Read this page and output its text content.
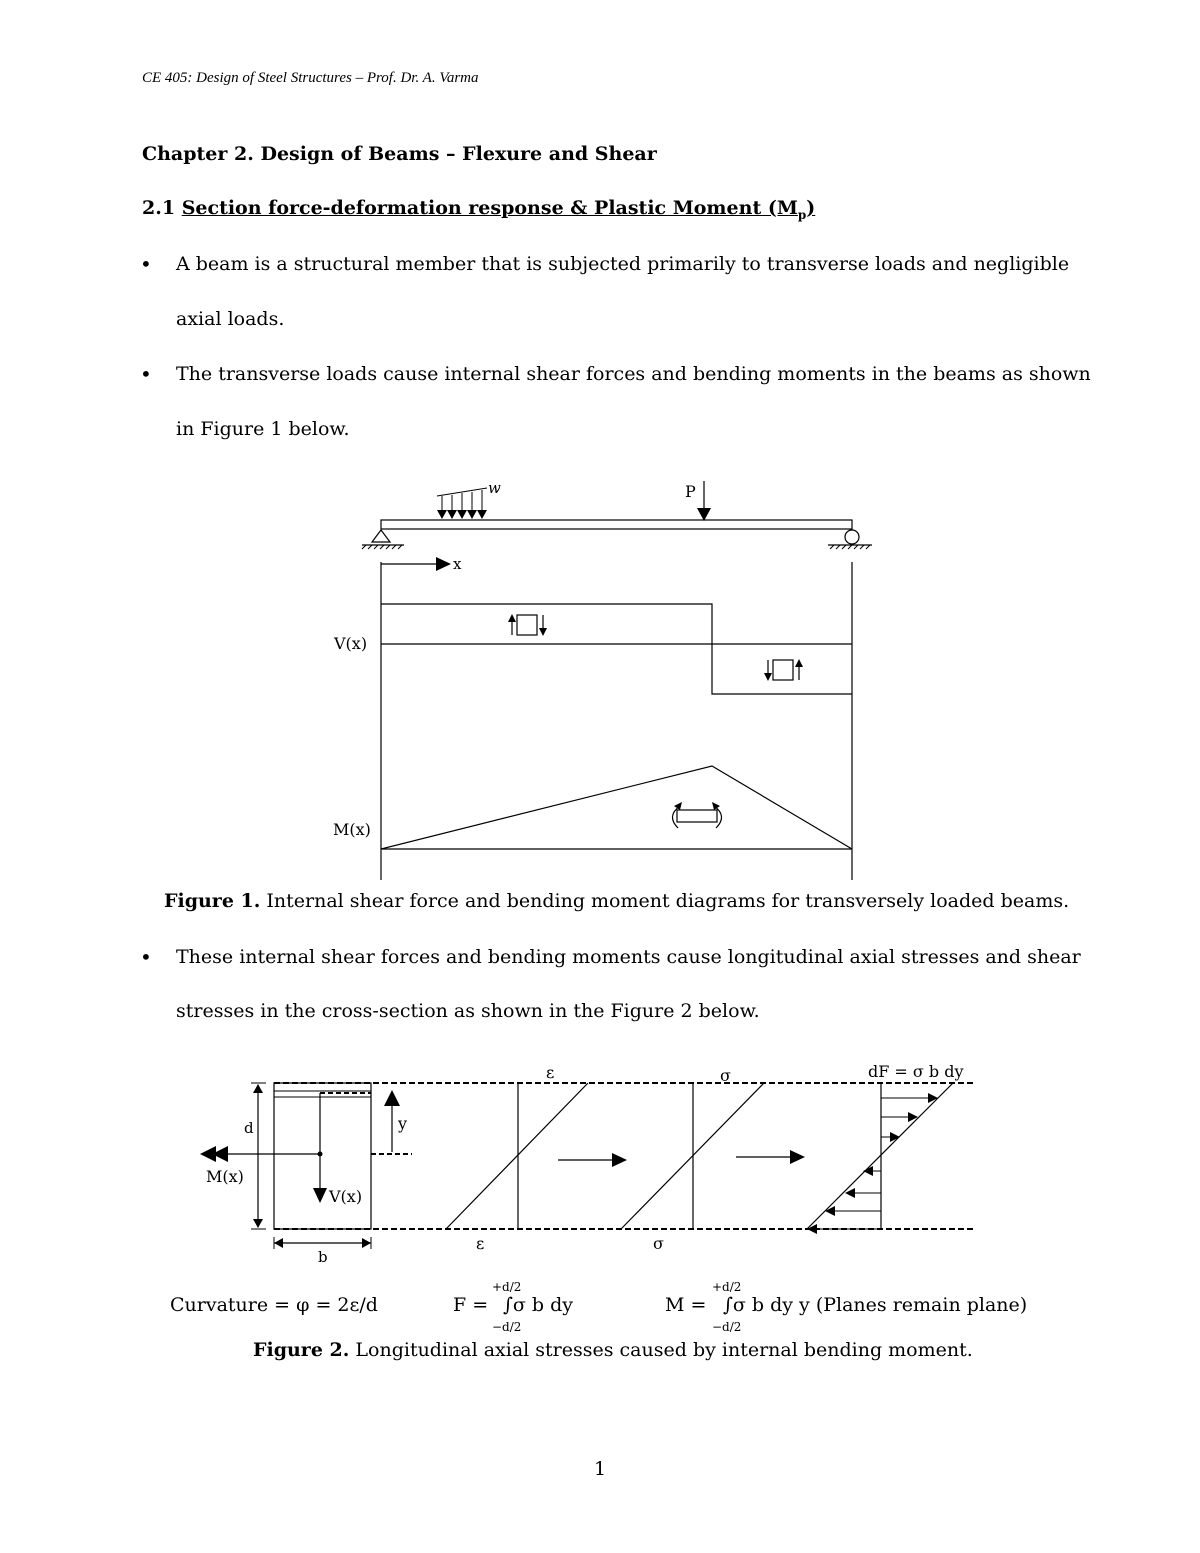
CE 405: Design of Steel Structures – Prof. Dr. A. Varma
Chapter 2. Design of Beams – Flexure and Shear
2.1 Section force-deformation response & Plastic Moment $(M_p)$
• A beam is a structural member that is subjected primarily to transverse loads and negligible
axial loads.
• The transverse loads cause internal shear forces and bending moments in the beams as shown
in Figure 1 below.
w	P
x
V(x)
M(x)
Figure 1. Internal shear force and bending moment diagrams for transversely loaded beams.
• These internal shear forces and bending moments cause longitudinal axial stresses and shear
stresses in the cross-section as shown in the Figure 2 below.
V(x)
M(x)
d	y
b
ε
ε
σ
σ
dF = σ b dy
Curvature = φ = 2ε/d
+d/2
F = ∫σ b dy
−d/2
+d/2
M = ∫σ b dy y (Planes remain plane)
−d/2
Figure 2. Longitudinal axial stresses caused by internal bending moment.
1
